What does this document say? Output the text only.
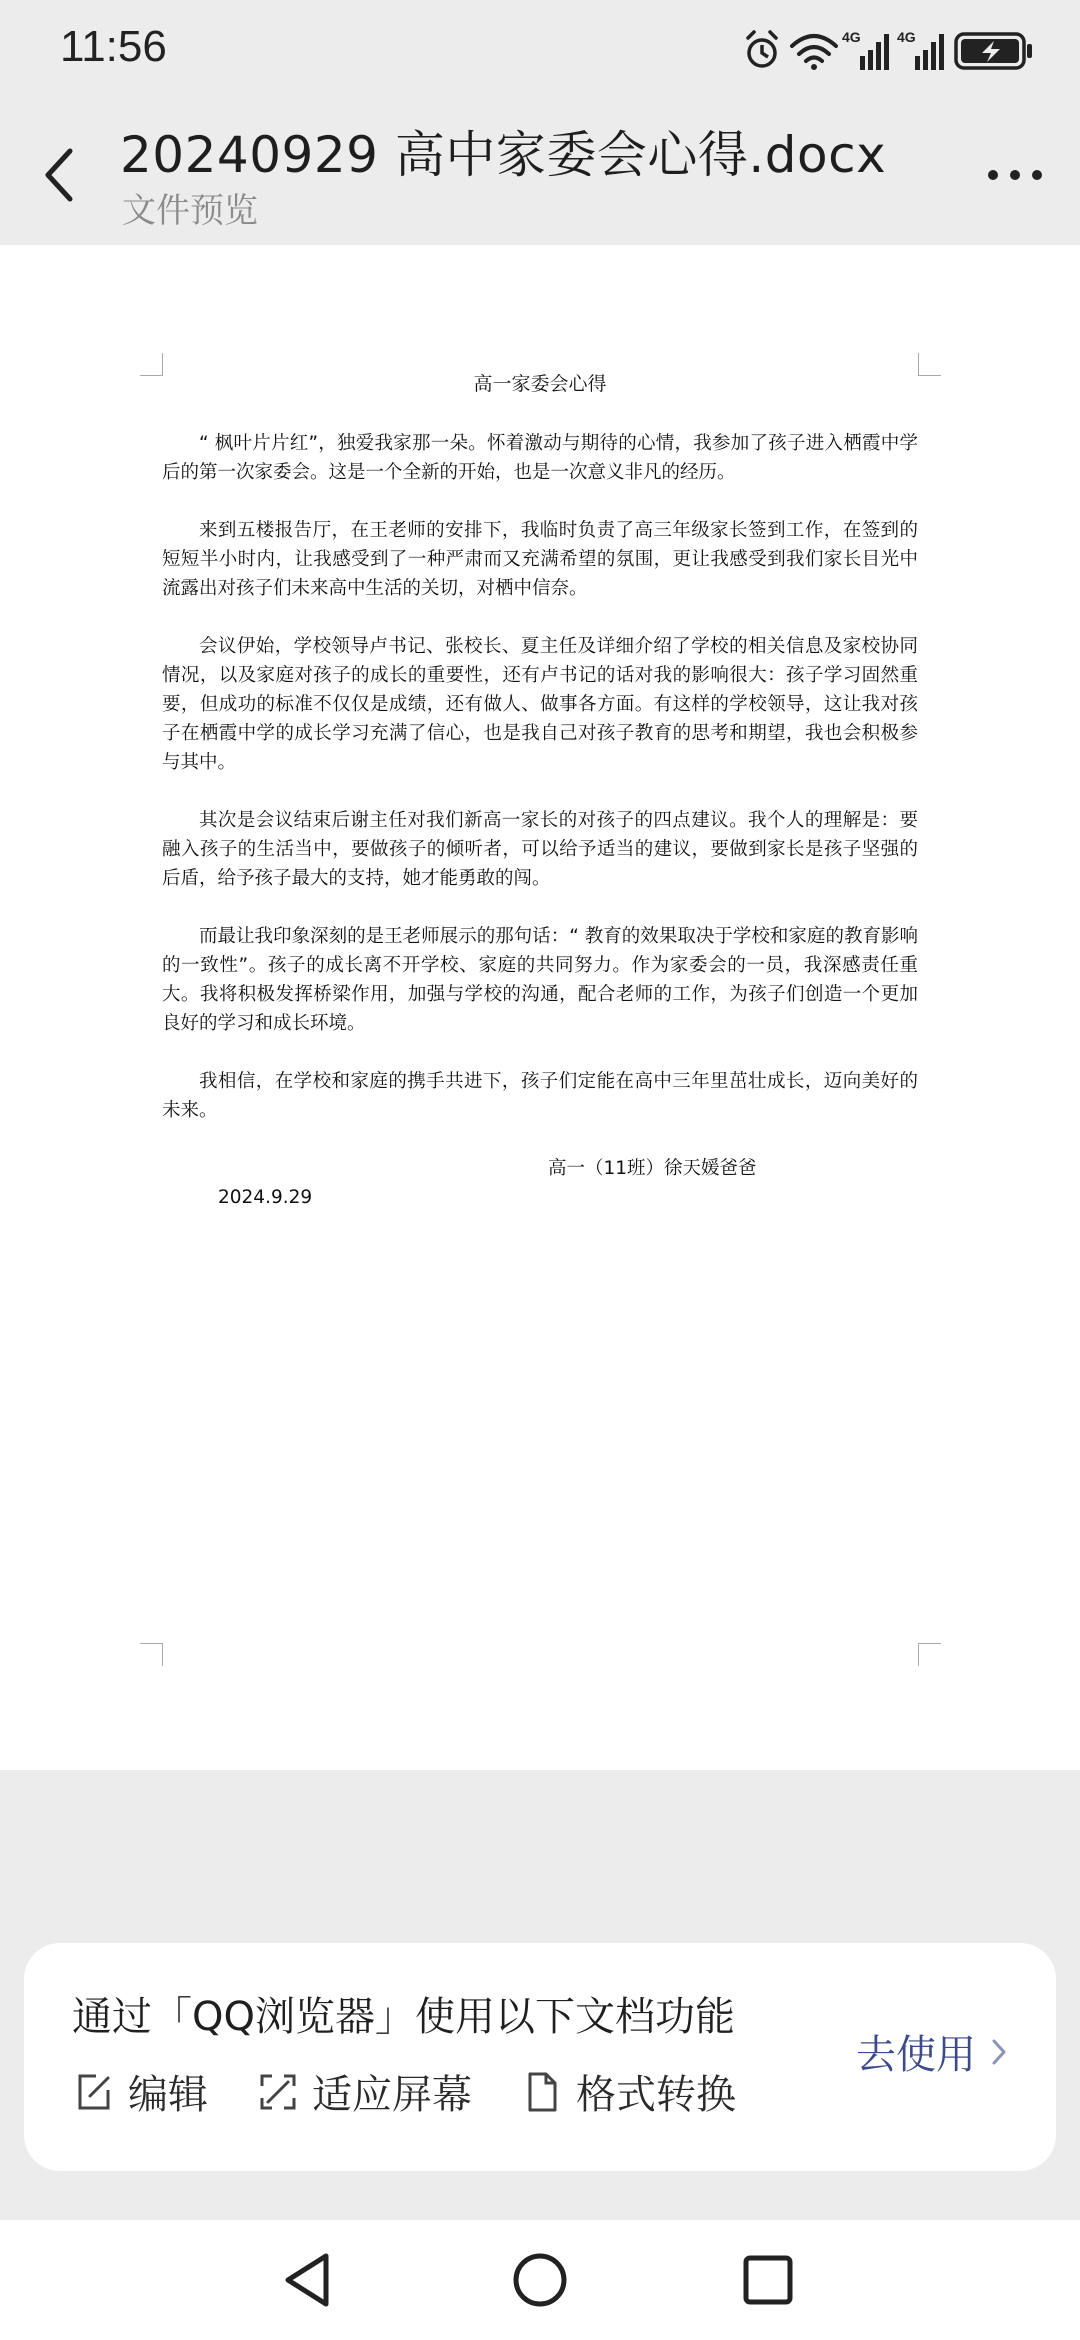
11:56	4G	4G
20240929 高中家委会心得.docx
文件预览

高一家委会心得

“ 枫叶片片红”，独爱我家那一朵。怀着激动与期待的心情，我参加了孩子进入栖霞中学后的第一次家委会。这是一个全新的开始，也是一次意义非凡的经历。

来到五楼报告厅，在王老师的安排下，我临时负责了高三年级家长签到工作，在签到的短短半小时内，让我感受到了一种严肃而又充满希望的氛围，更让我感受到我们家长目光中流露出对孩子们未来高中生活的关切，对栖中信奈。

会议伊始，学校领导卢书记、张校长、夏主任及详细介绍了学校的相关信息及家校协同情况，以及家庭对孩子的成长的重要性，还有卢书记的话对我的影响很大：孩子学习固然重要，但成功的标准不仅仅是成绩，还有做人、做事各方面。有这样的学校领导，这让我对孩子在栖霞中学的成长学习充满了信心，也是我自己对孩子教育的思考和期望，我也会积极参与其中。

其次是会议结束后谢主任对我们新高一家长的对孩子的四点建议。我个人的理解是：要融入孩子的生活当中，要做孩子的倾听者，可以给予适当的建议，要做到家长是孩子坚强的后盾，给予孩子最大的支持，她才能勇敢的闯。

而最让我印象深刻的是王老师展示的那句话：“ 教育的效果取决于学校和家庭的教育影响的一致性”。孩子的成长离不开学校、家庭的共同努力。作为家委会的一员，我深感责任重大。我将积极发挥桥梁作用，加强与学校的沟通，配合老师的工作，为孩子们创造一个更加良好的学习和成长环境。

我相信，在学校和家庭的携手共进下，孩子们定能在高中三年里茁壮成长，迈向美好的未来。

高一（11班）徐天媛爸爸
2024.9.29
通过「QQ浏览器」使用以下文档功能
编辑	适应屏幕	格式转换
去使用
